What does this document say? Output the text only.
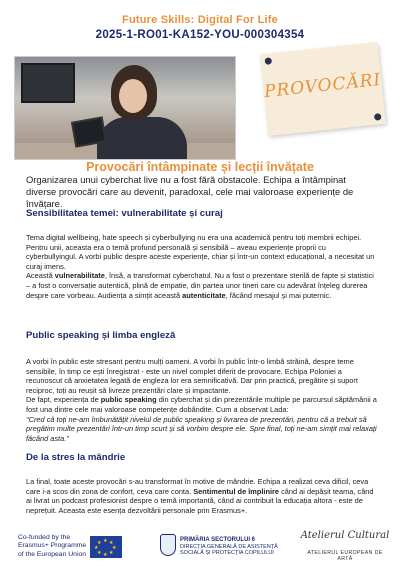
Future Skills: Digital For Life
2025-1-RO01-KA152-YOU-000304354
PROVOCĂRI
Provocări întâmpinate și lecții învățate
Organizarea unui cyberchat live nu a fost fără obstacole. Echipa a întâmpinat diverse provocări care au devenit, paradoxal, cele mai valoroase experiențe de învățare.
Sensibilitatea temei: vulnerabilitate și curaj

Tema digital wellbeing, hate speech și cyberbullying nu era una academică pentru toți membrii echipei. Pentru unii, aceasta era o temă profund personală și sensibilă – aveau experiențe proprii cu cyberbullyingul. A vorbi public despre aceste experiențe, chiar și într-un context educațional, a necesitat un curaj imens.

Această vulnerabilitate, însă, a transformat cyberchatul. Nu a fost o prezentare sterilă de fapte și statistici – a fost o conversație autentică, plină de empatie, din partea unor tineri care cu adevărat înțeleg durerea despre care vorbeau. Audiența a simțit această autenticitate, făcând mesajul și mai puternic.

Public speaking și limba engleză

A vorbi în public este stresant pentru mulți oameni. A vorbi în public într-o limbă străină, despre teme sensibile, în timp ce ești înregistrat - este un nivel complet diferit de provocare. Echipa Poloniei a recunoscut că anxietatea legată de engleza lor era semnificativă. Dar prin practică, pregătire și suport reciproc, toți au reușit să livreze prezentări clare și impactante.

De fapt, experiența de public speaking din cyberchat și din prezentările multiple pe parcursul săptămânii a fost una dintre cele mai valoroase competențe dobândite. Cum a observat Lada:

"Cred că toți ne-am îmbunătățit nivelul de public speaking și livrarea de prezentări, pentru că a trebuit să pregătim multe prezentări într-un timp scurt și să vorbim despre ele. Spre final, toți ne-am simțit mai relaxați făcând asta."

De la stres la mândrie

La final, toate aceste provocări s-au transformat în motive de mândrie. Echipa a realizat ceva dificil, ceva care i-a scos din zona de confort, ceva care conta. Sentimentul de împlinire când ai depășit teama, când ai livrat un podcast profesionist despre o temă importantă, când ai contribuit la educația altora - este de neprețuit. Aceasta este esența dezvoltării personale prin Erasmus+.

Co-funded by the
Erasmus+ Programme
of the European Union
★ ★
★
★
★
★
★
★	PRIMĂRIA SECTORULUI 6
DIRECȚIA GENERALĂ DE ASISTENȚĂ
SOCIALĂ ȘI PROTECȚIA COPILULUI
Atelierul Cultural
ATELIERUL EUROPEAN DE ARTĂ
